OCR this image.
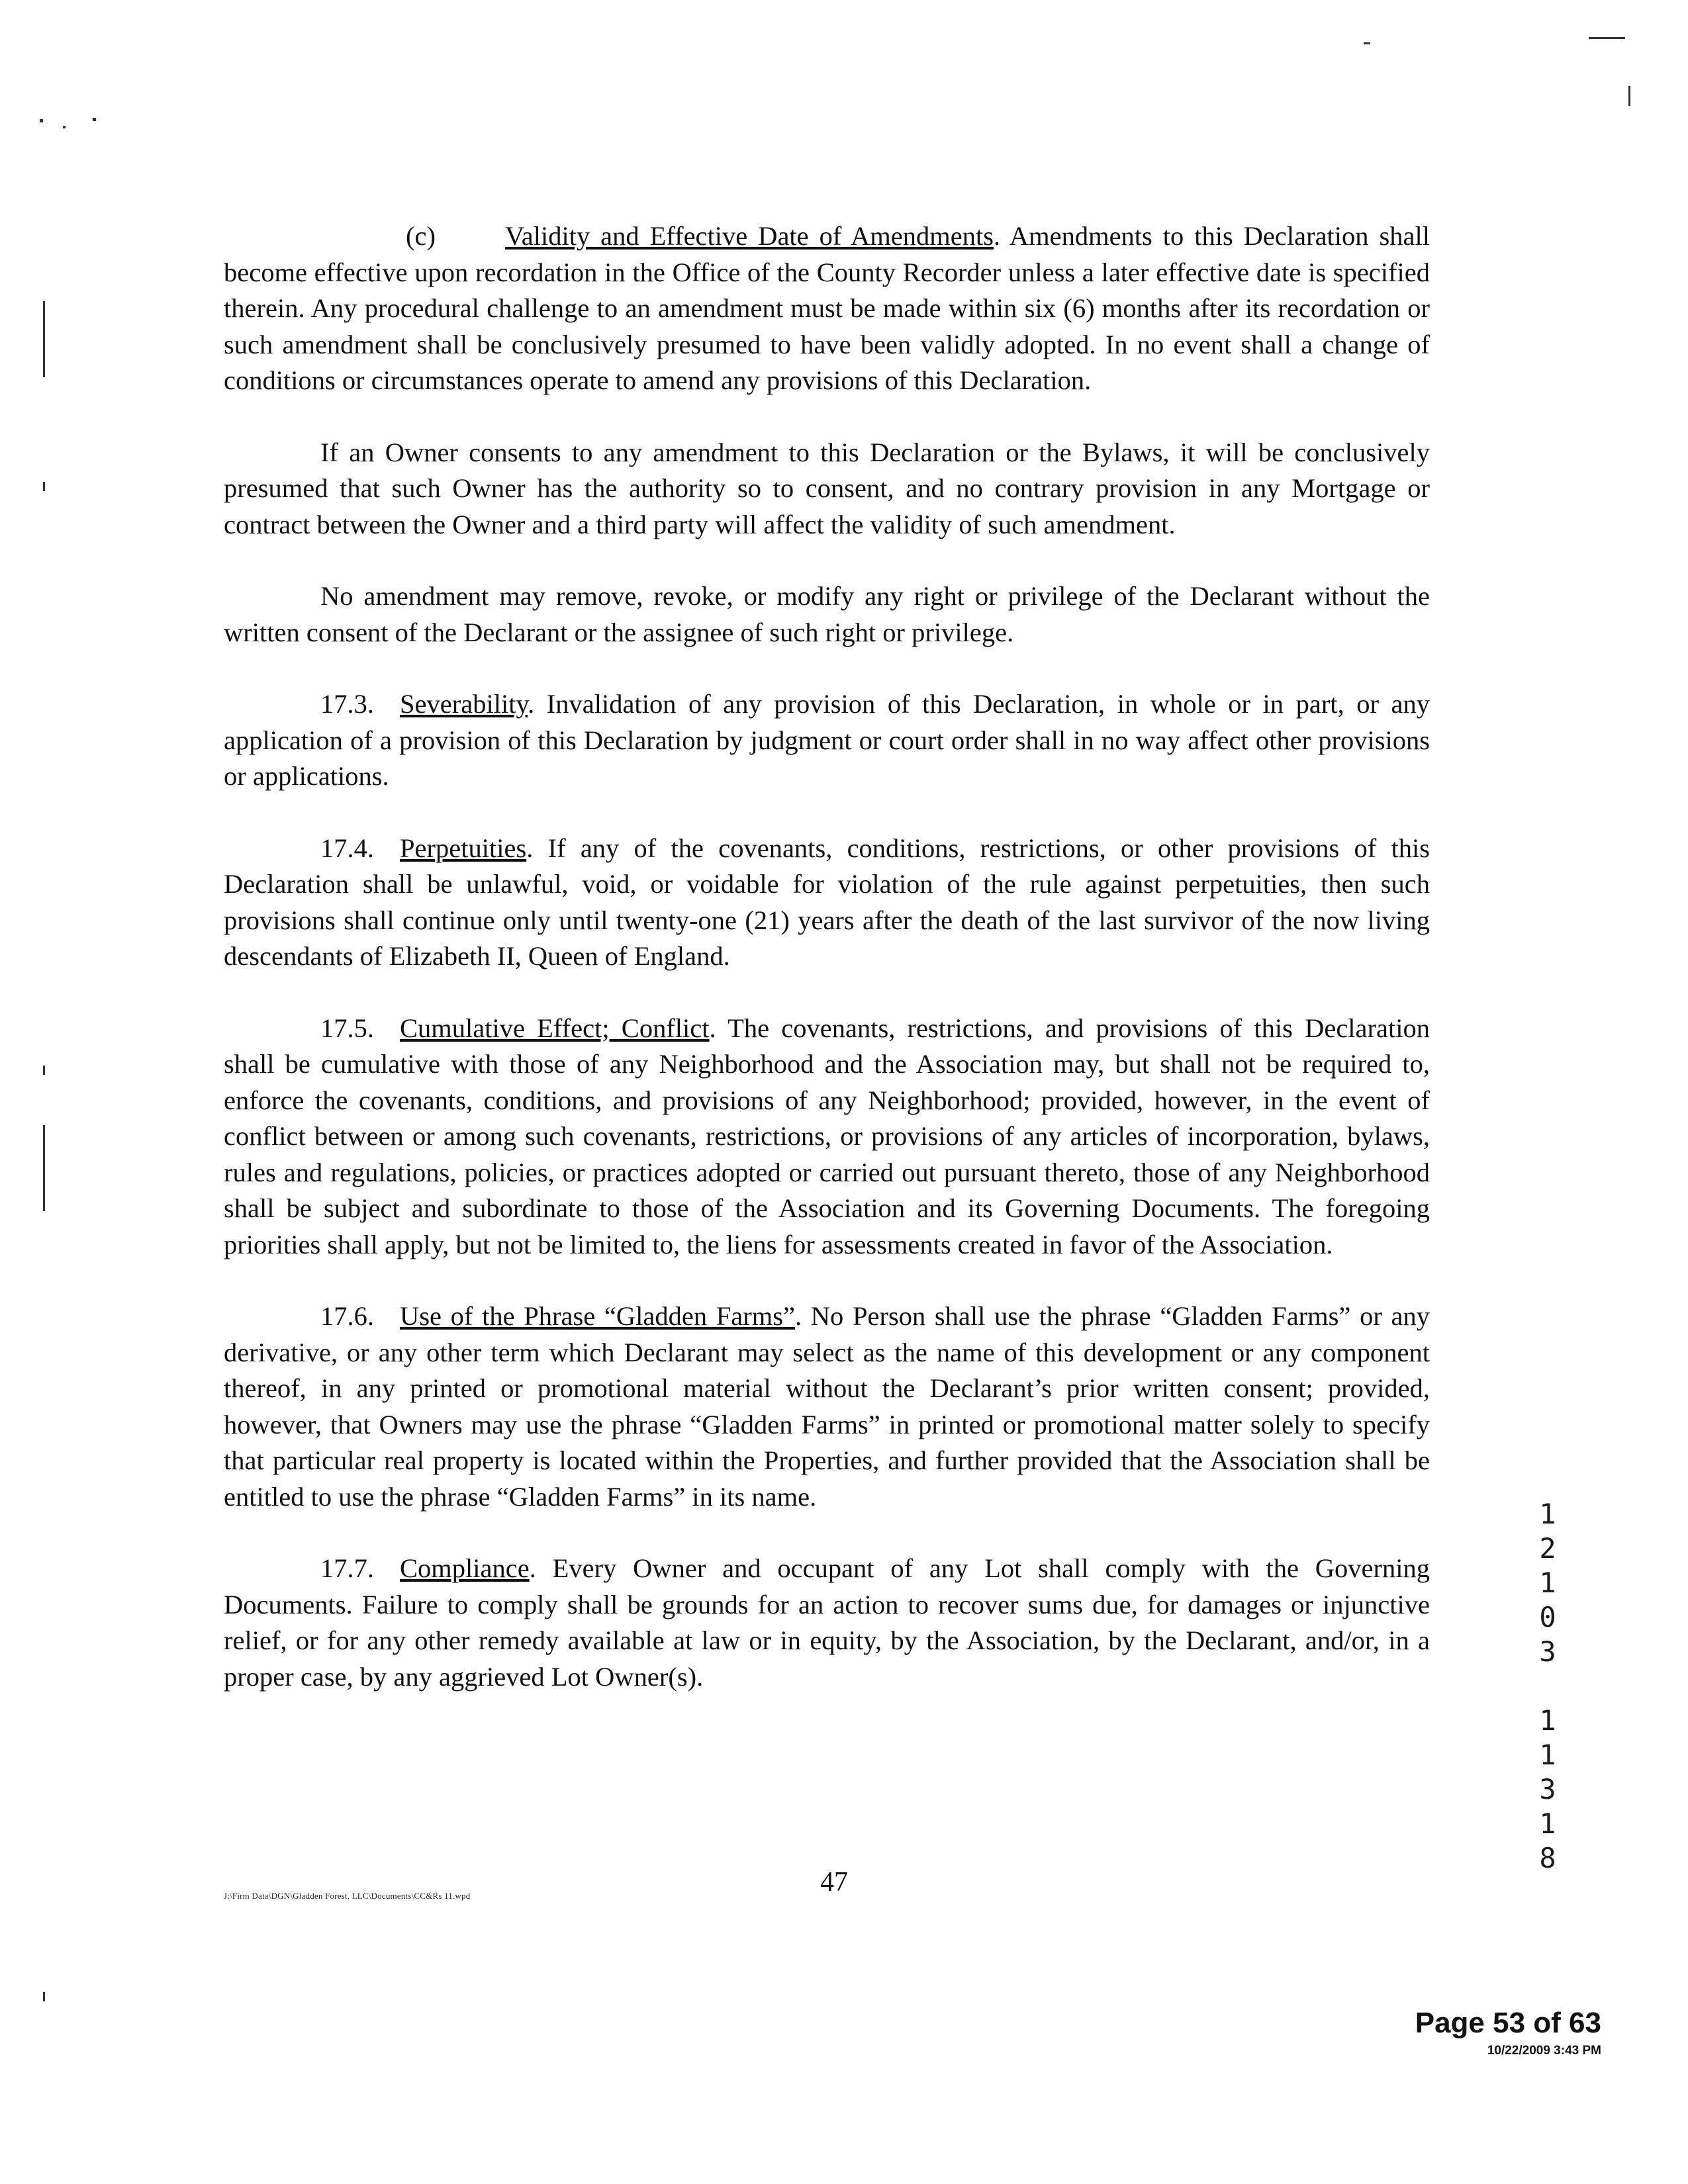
(c)	Validity and Effective Date of Amendments. Amendments to this Declaration shall become effective upon recordation in the Office of the County Recorder unless a later effective date is specified therein. Any procedural challenge to an amendment must be made within six (6) months after its recordation or such amendment shall be conclusively presumed to have been validly adopted. In no event shall a change of conditions or circumstances operate to amend any provisions of this Declaration.

If an Owner consents to any amendment to this Declaration or the Bylaws, it will be conclusively presumed that such Owner has the authority so to consent, and no contrary provision in any Mortgage or contract between the Owner and a third party will affect the validity of such amendment.

No amendment may remove, revoke, or modify any right or privilege of the Declarant without the written consent of the Declarant or the assignee of such right or privilege.

17.3. Severability. Invalidation of any provision of this Declaration, in whole or in part, or any application of a provision of this Declaration by judgment or court order shall in no way affect other provisions or applications.

17.4. Perpetuities. If any of the covenants, conditions, restrictions, or other provisions of this Declaration shall be unlawful, void, or voidable for violation of the rule against perpetuities, then such provisions shall continue only until twenty-one (21) years after the death of the last survivor of the now living descendants of Elizabeth II, Queen of England.

17.5. Cumulative Effect; Conflict. The covenants, restrictions, and provisions of this Declaration shall be cumulative with those of any Neighborhood and the Association may, but shall not be required to, enforce the covenants, conditions, and provisions of any Neighborhood; provided, however, in the event of conflict between or among such covenants, restrictions, or provisions of any articles of incorporation, bylaws, rules and regulations, policies, or practices adopted or carried out pursuant thereto, those of any Neighborhood shall be subject and subordinate to those of the Association and its Governing Documents. The foregoing priorities shall apply, but not be limited to, the liens for assessments created in favor of the Association.

17.6. Use of the Phrase “Gladden Farms”. No Person shall use the phrase “Gladden Farms” or any derivative, or any other term which Declarant may select as the name of this development or any component thereof, in any printed or promotional material without the Declarant’s prior written consent; provided, however, that Owners may use the phrase “Gladden Farms” in printed or promotional matter solely to specify that particular real property is located within the Properties, and further provided that the Association shall be entitled to use the phrase “Gladden Farms” in its name.

17.7. Compliance. Every Owner and occupant of any Lot shall comply with the Governing Documents. Failure to comply shall be grounds for an action to recover sums due, for damages or injunctive relief, or for any other remedy available at law or in equity, by the Association, by the Declarant, and/or, in a proper case, by any aggrieved Lot Owner(s).

1
2
1
0
3
1
1
3
1
8
J:\Firm Data\DGN\Gladden Forest, LLC\Documents\CC&Rs 11.wpd	47
Page 53 of 63
10/22/2009 3:43 PM
